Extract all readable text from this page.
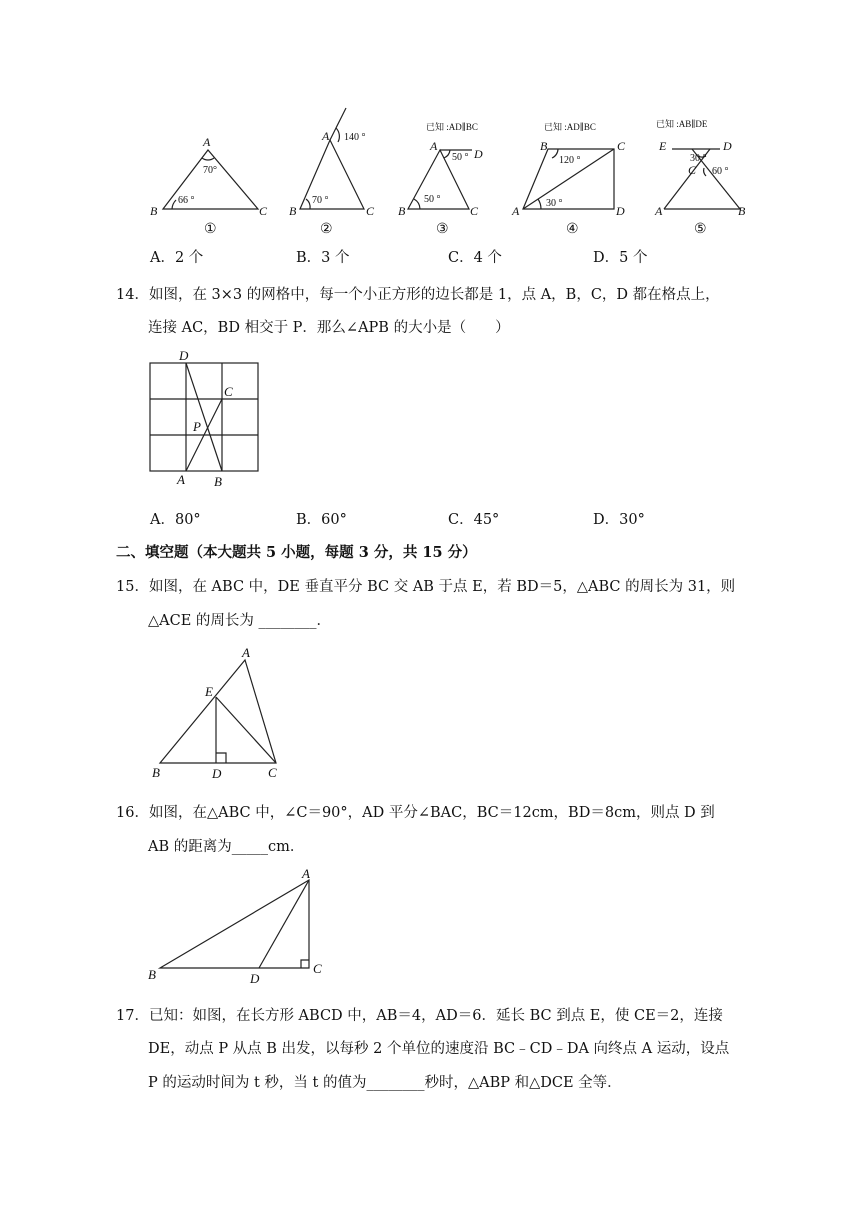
A
B	C
70°
66 °
①
A
B	C
140 °
70 °
②
已知 :AD∥BC
A
D
B	C
50 °
50 °
③
已知 :AD∥BC
B	C
A	D
120 °
30 °
④
已知 :AB∥DE
E	D
C
A	B
30 °
60 °
⑤
A．2 个	B．3 个	C．4 个	D．5 个
14．如图，在 3×3 的网格中，每一个小正方形的边长都是 1，点 A，B，C，D 都在格点上，
连接 AC，BD 相交于 P．那么∠APB 的大小是（　　）
D
C
P
A B
A．80°	B．60°	C．45°	D．30°
二、填空题（本大题共 5 小题，每题 3 分，共 15 分）
15．如图，在 ABC 中，DE 垂直平分 BC 交 AB 于点 E，若 BD＝5，△ABC 的周长为 31，则
△ACE 的周长为 ________．
A
E
B	D	C
16．如图，在△ABC 中，∠C＝90°，AD 平分∠BAC，BC＝12cm，BD＝8cm，则点 D 到
AB 的距离为_____cm．
A
B	D
C
17．已知：如图，在长方形 ABCD 中，AB＝4，AD＝6．延长 BC 到点 E，使 CE＝2，连接
DE，动点 P 从点 B 出发，以每秒 2 个单位的速度沿 BC﹣CD﹣DA 向终点 A 运动，设点
P 的运动时间为 t 秒，当 t 的值为________秒时，△ABP 和△DCE 全等．
